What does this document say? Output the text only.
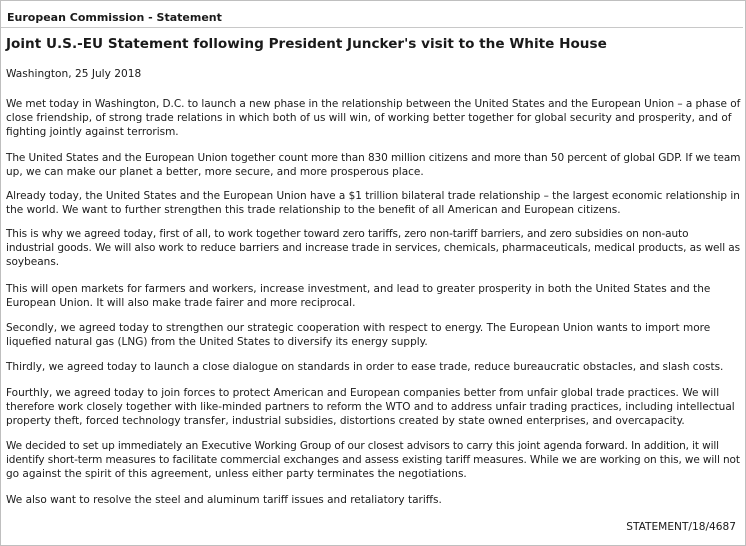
European Commission - Statement
Joint U.S.-EU Statement following President Juncker's visit to the White House
Washington, 25 July 2018
We met today in Washington, D.C. to launch a new phase in the relationship between the United States and the European Union – a phase of
close friendship, of strong trade relations in which both of us will win, of working better together for global security and prosperity, and of
fighting jointly against terrorism.
The United States and the European Union together count more than 830 million citizens and more than 50 percent of global GDP. If we team
up, we can make our planet a better, more secure, and more prosperous place.
Already today, the United States and the European Union have a $1 trillion bilateral trade relationship – the largest economic relationship in
the world. We want to further strengthen this trade relationship to the benefit of all American and European citizens.
This is why we agreed today, first of all, to work together toward zero tariffs, zero non-tariff barriers, and zero subsidies on non-auto
industrial goods. We will also work to reduce barriers and increase trade in services, chemicals, pharmaceuticals, medical products, as well as
soybeans.
This will open markets for farmers and workers, increase investment, and lead to greater prosperity in both the United States and the
European Union. It will also make trade fairer and more reciprocal.
Secondly, we agreed today to strengthen our strategic cooperation with respect to energy. The European Union wants to import more
liquefied natural gas (LNG) from the United States to diversify its energy supply.
Thirdly, we agreed today to launch a close dialogue on standards in order to ease trade, reduce bureaucratic obstacles, and slash costs.
Fourthly, we agreed today to join forces to protect American and European companies better from unfair global trade practices. We will
therefore work closely together with like-minded partners to reform the WTO and to address unfair trading practices, including intellectual
property theft, forced technology transfer, industrial subsidies, distortions created by state owned enterprises, and overcapacity.
We decided to set up immediately an Executive Working Group of our closest advisors to carry this joint agenda forward. In addition, it will
identify short-term measures to facilitate commercial exchanges and assess existing tariff measures. While we are working on this, we will not
go against the spirit of this agreement, unless either party terminates the negotiations.
We also want to resolve the steel and aluminum tariff issues and retaliatory tariffs.
STATEMENT/18/4687
